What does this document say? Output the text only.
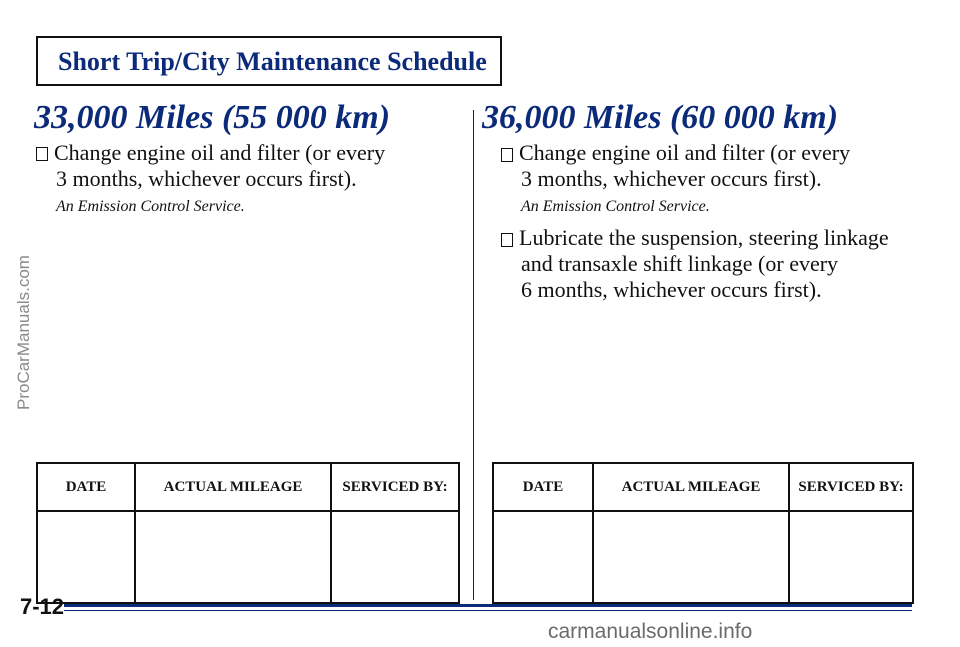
Short Trip/City Maintenance Schedule
ProCarManuals.com
33,000 Miles (55 000 km)
Change engine oil and filter (or every
3 months, whichever occurs first).
An Emission Control Service.
DATE	ACTUAL MILEAGE	SERVICED BY:

36,000 Miles (60 000 km)
Change engine oil and filter (or every
3 months, whichever occurs first).
An Emission Control Service.
Lubricate the suspension, steering linkage
and transaxle shift linkage (or every
6 months, whichever occurs first).
DATE	ACTUAL MILEAGE	SERVICED BY:

7-12
carmanualsonline.info
